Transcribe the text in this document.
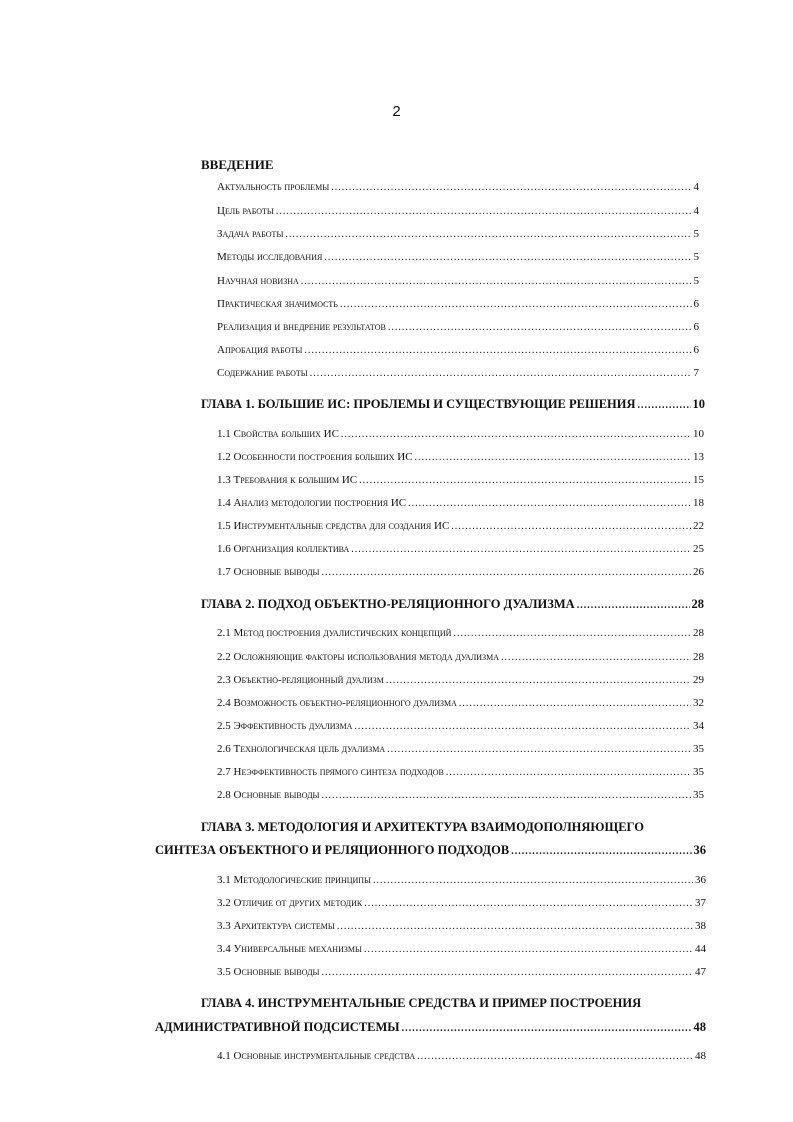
2
ВВЕДЕНИЕ
Актуальность проблемы .....	4
Цель работы .....	4
Задача работы .....	5
Методы исследования .....	5
Научная новизна .....	5
Практическая значимость .....	6
Реализация и внедрение результатов .....	6
Апробация работы .....	6
Содержание работы .....	7
ГЛАВА 1. БОЛЬШИЕ ИС: ПРОБЛЕМЫ И СУЩЕСТВУЮЩИЕ РЕШЕНИЯ .....	10
1.1 Свойства больших ИС .....	10
1.2 Особенности построения больших ИС .....	13
1.3 Требования к большим ИС .....	15
1.4 Анализ методологии построения ИС .....	18
1.5 Инструментальные средства для создания ИС .....	22
1.6 Организация коллектива .....	25
1.7 Основные выводы .....	26
ГЛАВА 2. ПОДХОД ОБЪЕКТНО-РЕЛЯЦИОННОГО ДУАЛИЗМА .....	28
2.1 Метод построения дуалистических концепций .....	28
2.2 Осложняющие факторы использования метода дуализма .....	28
2.3 Объектно-реляционный дуализм .....	29
2.4 Возможность объектно-реляционного дуализма .....	32
2.5 Эффективность дуализма .....	34
2.6 Технологическая цель дуализма .....	35
2.7 Неэффективность прямого синтеза подходов .....	35
2.8 Основные выводы .....	35
ГЛАВА 3. МЕТОДОЛОГИЯ И АРХИТЕКТУРА ВЗАИМОДОПОЛНЯЮЩЕГО
СИНТЕЗА ОБЪЕКТНОГО И РЕЛЯЦИОННОГО ПОДХОДОВ .....	36
3.1 Методологические принципы .....	36
3.2 Отличие от других методик .....	37
3.3 Архитектура системы .....	38
3.4 Универсальные механизмы .....	44
3.5 Основные выводы .....	47
ГЛАВА 4. ИНСТРУМЕНТАЛЬНЫЕ СРЕДСТВА И ПРИМЕР ПОСТРОЕНИЯ
АДМИНИСТРАТИВНОЙ ПОДСИСТЕМЫ .....	48
4.1 Основные инструментальные средства .....	48
